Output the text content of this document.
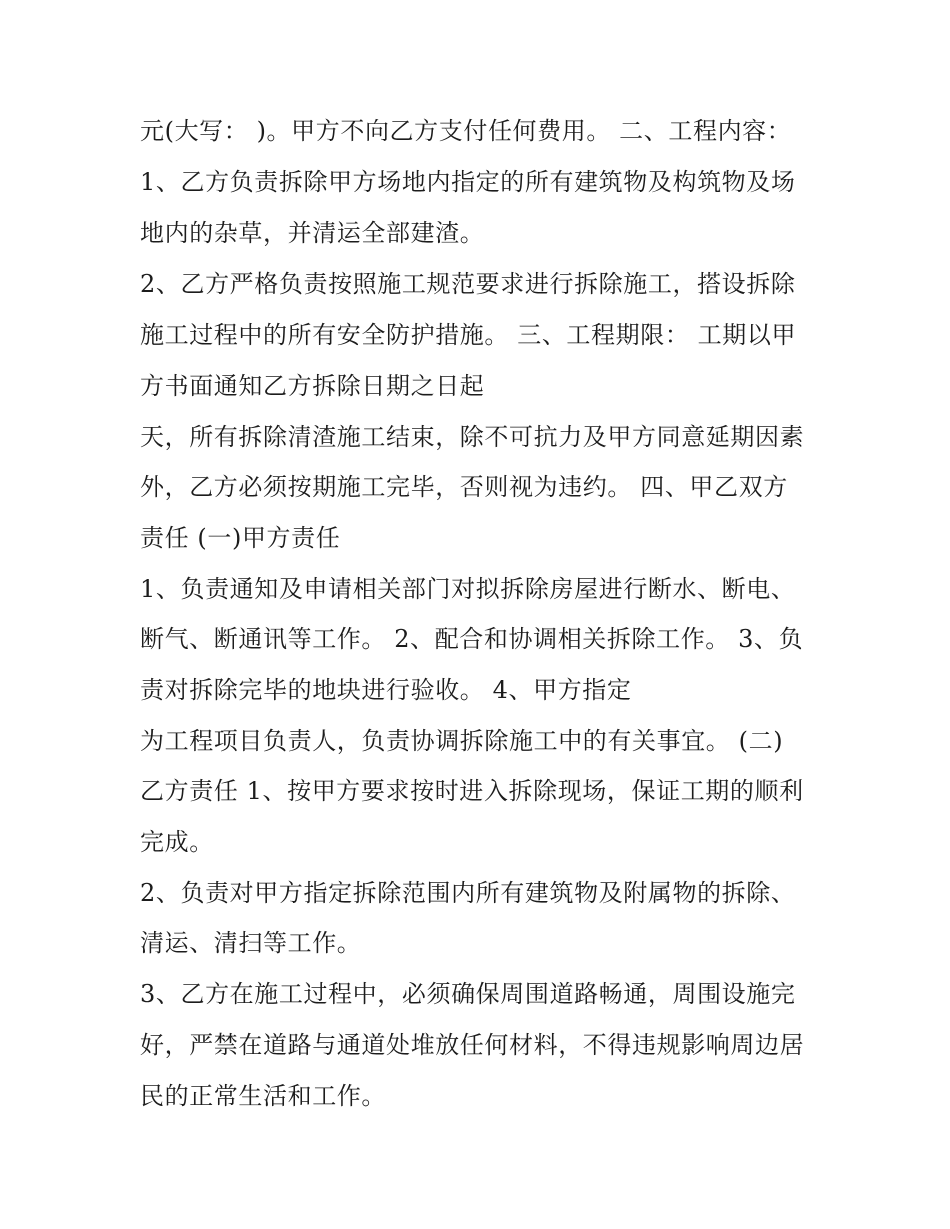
元(大写： )。甲方不向乙方支付任何费用。 二、工程内容：

1、乙方负责拆除甲方场地内指定的所有建筑物及构筑物及场

地内的杂草，并清运全部建渣。

2、乙方严格负责按照施工规范要求进行拆除施工，搭设拆除

施工过程中的所有安全防护措施。 三、工程期限： 工期以甲

方书面通知乙方拆除日期之日起

天，所有拆除清渣施工结束，除不可抗力及甲方同意延期因素

外，乙方必须按期施工完毕，否则视为违约。 四、甲乙双方

责任 (一)甲方责任

1、负责通知及申请相关部门对拟拆除房屋进行断水、断电、

断气、断通讯等工作。 2、配合和协调相关拆除工作。 3、负

责对拆除完毕的地块进行验收。 4、甲方指定

为工程项目负责人，负责协调拆除施工中的有关事宜。 (二)

乙方责任 1、按甲方要求按时进入拆除现场，保证工期的顺利

完成。

2、负责对甲方指定拆除范围内所有建筑物及附属物的拆除、

清运、清扫等工作。

3、乙方在施工过程中，必须确保周围道路畅通，周围设施完

好，严禁在道路与通道处堆放任何材料，不得违规影响周边居

民的正常生活和工作。
